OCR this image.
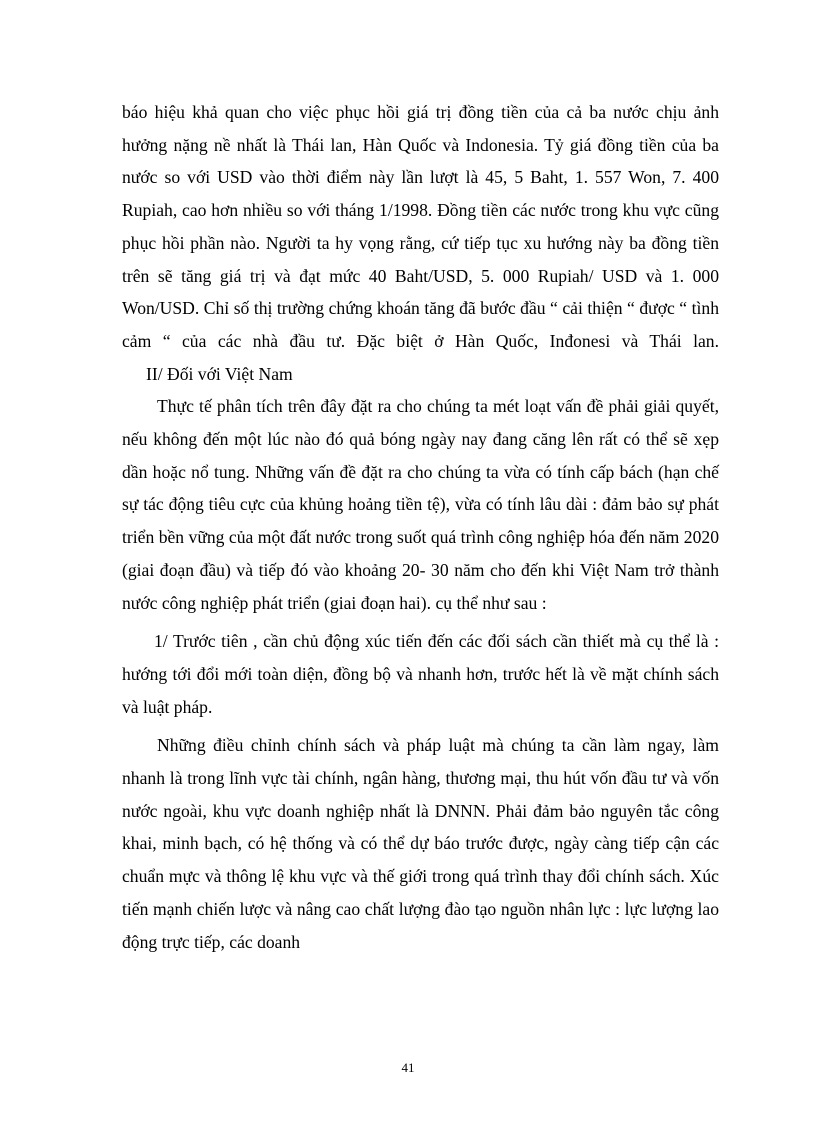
báo hiệu khả quan cho việc phục hồi giá trị đồng tiền của cả ba nước chịu ảnh hưởng nặng nề nhất là Thái lan, Hàn Quốc và Indonesia. Tỷ giá đồng tiền của ba nước so với USD vào thời điểm này lần lượt là 45, 5 Baht, 1. 557 Won, 7. 400 Rupiah, cao hơn nhiều so với tháng 1/1998. Đồng tiền các nước trong khu vực cũng phục hồi phần nào. Người ta hy vọng rằng, cứ tiếp tục xu hướng này ba đồng tiền trên sẽ tăng giá trị và đạt mức 40 Baht/USD, 5. 000 Rupiah/ USD và 1. 000 Won/USD. Chỉ số thị trường chứng khoán tăng đã bước đầu “ cải thiện “ được “ tình cảm “ của các nhà đầu tư. Đặc biệt ở Hàn Quốc, Inđonesi và Thái lan.

II/ Đối với Việt Nam

Thực tế phân tích trên đây đặt ra cho chúng ta mét loạt vấn đề phải giải quyết, nếu không đến một lúc nào đó quả bóng ngày nay đang căng lên rất có thể sẽ xẹp dần hoặc nổ tung. Những vấn đề đặt ra cho chúng ta vừa có tính cấp bách (hạn chế sự tác động tiêu cực của khủng hoảng tiền tệ), vừa có tính lâu dài : đảm bảo sự phát triển bền vững của một đất nước trong suốt quá trình công nghiệp hóa đến năm 2020 (giai đoạn đầu) và tiếp đó vào khoảng 20- 30 năm cho đến khi Việt Nam trở thành nước công nghiệp phát triển (giai đoạn hai). cụ thể như sau :

1/ Trước tiên , cần chủ động xúc tiến đến các đối sách cần thiết mà cụ thể là : hướng tới đổi mới toàn diện, đồng bộ và nhanh hơn, trước hết là về mặt chính sách và luật pháp.

Những điều chỉnh chính sách và pháp luật mà chúng ta cần làm ngay, làm nhanh là trong lĩnh vực tài chính, ngân hàng, thương mại, thu hút vốn đầu tư và vốn nước ngoài, khu vực doanh nghiệp nhất là DNNN. Phải đảm bảo nguyên tắc công khai, minh bạch, có hệ thống và có thể dự báo trước được, ngày càng tiếp cận các chuẩn mực và thông lệ khu vực và thế giới trong quá trình thay đổi chính sách. Xúc tiến mạnh chiến lược và nâng cao chất lượng đào tạo nguồn nhân lực : lực lượng lao động trực tiếp, các doanh

41
